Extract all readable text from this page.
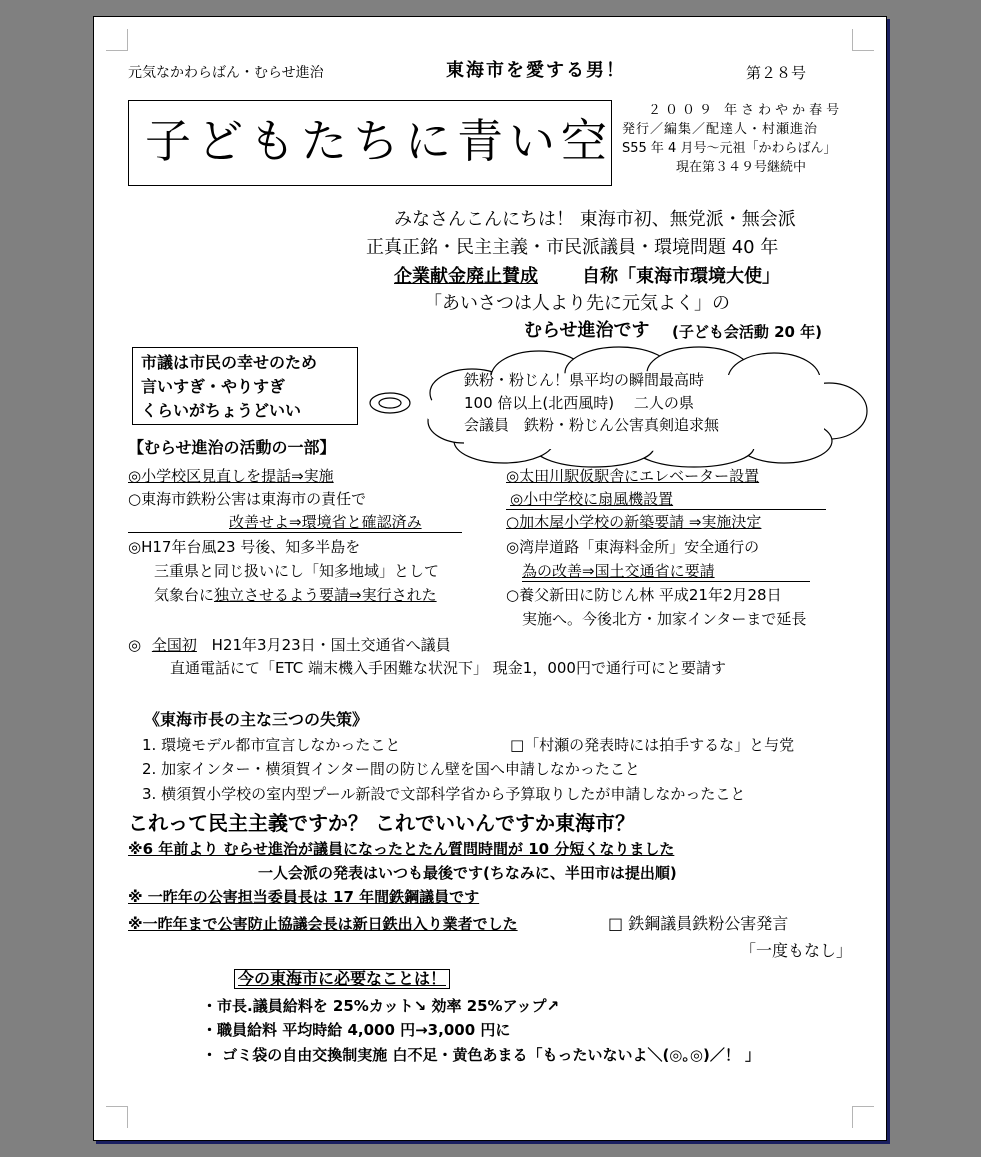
元気なかわらばん・むらせ進治	東海市を愛する男！	第２８号
子どもたちに青い空
２００９ 年さわやか春号
発行／編集／配達人・村瀬進治
S55 年 4 月号～元祖「かわらばん」
現在第３４９号継続中
みなさんこんにちは！ 東海市初、無党派・無会派
正真正銘・民主主義・市民派議員・環境問題 40 年
企業献金廃止賛成 自称「東海市環境大使」
「あいさつは人より先に元気よく」の
むらせ進治です (子ども会活動 20 年)
市議は市民の幸せのため
言いすぎ・やりすぎ
くらいがちょうどいい
鉄粉・粉じん！県平均の瞬間最高時
100 倍以上(北西風時)　 二人の県
会議員　鉄粉・粉じん公害真剣追求無
【むらせ進治の活動の一部】
◎小学校区見直しを提話⇒実施
○東海市鉄粉公害は東海市の責任で
改善せよ⇒環境省と確認済み
◎H17年台風23 号後、知多半島を
三重県と同じ扱いにし「知多地域」として
気象台に独立させるよう要請⇒実行された
◎太田川駅仮駅舎にエレベーター設置
◎小中学校に扇風機設置
○加木屋小学校の新築要請 ⇒実施決定
◎湾岸道路「東海料金所」安全通行の
為の改善⇒国土交通省に要請
○養父新田に防じん林 平成21年2月28日
実施へ。今後北方・加家インターまで延長
◎ 全国初 H21年3月23日・国土交通省へ議員
直通電話にて「ETC 端末機入手困難な状況下」 現金1，000円で通行可にと要請す
《東海市長の主な三つの失策》
1. 環境モデル都市宣言しなかったこと	□「村瀬の発表時には拍手するな」と与党
2. 加家インター・横須賀インター間の防じん壁を国へ申請しなかったこと
3. 横須賀小学校の室内型プール新設で文部科学省から予算取りしたが申請しなかったこと
これって民主主義ですか？ これでいいんですか東海市？
※6 年前より むらせ進治が議員になったとたん質問時間が 10 分短くなりました
一人会派の発表はいつも最後です(ちなみに、半田市は提出順)
※ 一昨年の公害担当委員長は 17 年間鉄鋼議員です
※一昨年まで公害防止協議会長は新日鉄出入り業者でした	□ 鉄鋼議員鉄粉公害発言
「一度もなし」
今の東海市に必要なことは！
・市長.議員給料を 25%カット↘ 効率 25%アップ↗
・職員給料 平均時給 4,000 円→3,000 円に
・ ゴミ袋の自由交換制実施 白不足・黄色あまる「もったいないよ＼(◎｡◎)／！ 」
